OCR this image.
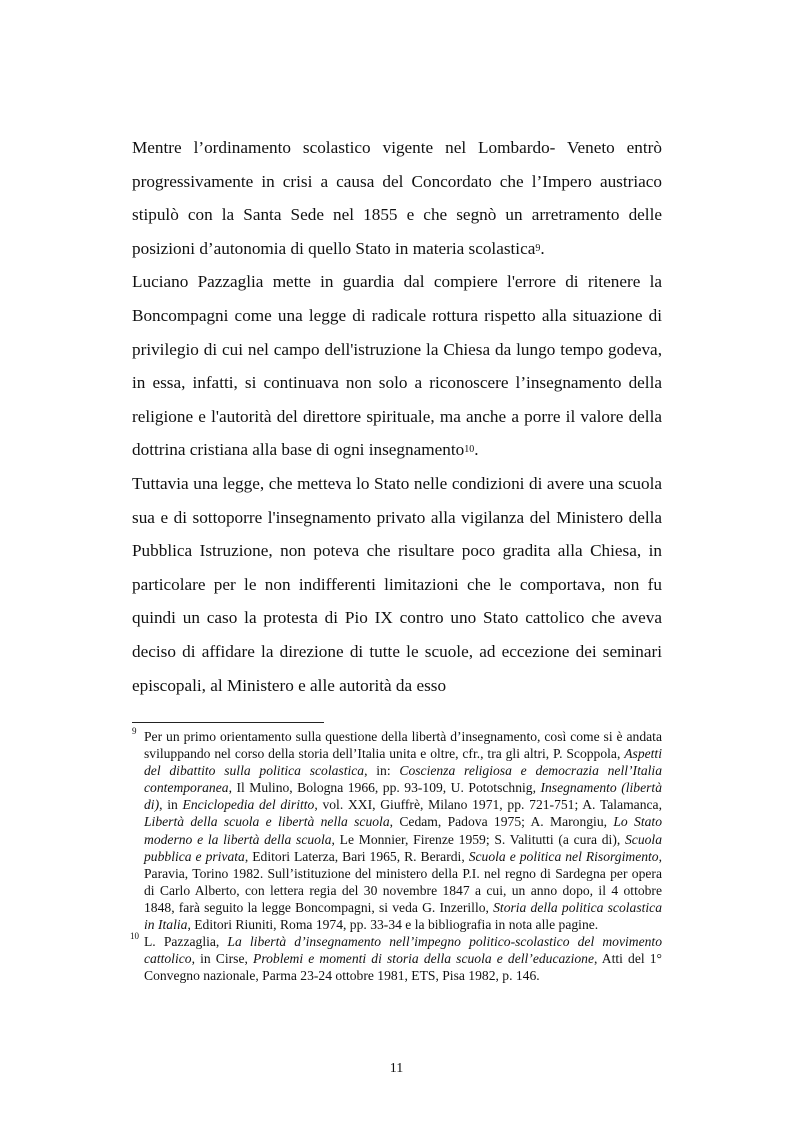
Mentre l’ordinamento scolastico vigente nel Lombardo- Veneto entrò progressivamente in crisi a causa del Concordato che l’Impero austriaco stipulò con la Santa Sede nel 1855 e che segnò un arretramento delle posizioni d’autonomia di quello Stato in materia scolastica$^9$.

Luciano Pazzaglia mette in guardia dal compiere l'errore di ritenere la Boncompagni come una legge di radicale rottura rispetto alla situazione di privilegio di cui nel campo dell'istruzione la Chiesa da lungo tempo godeva, in essa, infatti, si continuava non solo a riconoscere l’insegnamento della religione e l'autorità del direttore spirituale, ma anche a porre il valore della dottrina cristiana alla base di ogni insegnamento$^{10}$.

Tuttavia una legge, che metteva lo Stato nelle condizioni di avere una scuola sua e di sottoporre l'insegnamento privato alla vigilanza del Ministero della Pubblica Istruzione, non poteva che risultare poco gradita alla Chiesa, in particolare per le non indifferenti limitazioni che le comportava, non fu quindi un caso la protesta di Pio IX contro uno Stato cattolico che aveva deciso di affidare la direzione di tutte le scuole, ad eccezione dei seminari episcopali, al Ministero e alle autorità da esso

9 Per un primo orientamento sulla questione della libertà d’insegnamento, così come si è andata sviluppando nel corso della storia dell’Italia unita e oltre, cfr., tra gli altri, P. Scoppola, Aspetti del dibattito sulla politica scolastica, in: Coscienza religiosa e democrazia nell’Italia contemporanea, Il Mulino, Bologna 1966, pp. 93-109, U. Pototschnig, Insegnamento (libertà di), in Enciclopedia del diritto, vol. XXI, Giuffrè, Milano 1971, pp. 721-751; A. Talamanca, Libertà della scuola e libertà nella scuola, Cedam, Padova 1975; A. Marongiu, Lo Stato moderno e la libertà della scuola, Le Monnier, Firenze 1959; S. Valitutti (a cura di), Scuola pubblica e privata, Editori Laterza, Bari 1965, R. Berardi, Scuola e politica nel Risorgimento, Paravia, Torino 1982. Sull’istituzione del ministero della P.I. nel regno di Sardegna per opera di Carlo Alberto, con lettera regia del 30 novembre 1847 a cui, un anno dopo, il 4 ottobre 1848, farà seguito la legge Boncompagni, si veda G. Inzerillo, Storia della politica scolastica in Italia, Editori Riuniti, Roma 1974, pp. 33-34 e la bibliografia in nota alle pagine.
10 L. Pazzaglia, La libertà d’insegnamento nell’impegno politico-scolastico del movimento cattolico, in Cirse, Problemi e momenti di storia della scuola e dell’educazione, Atti del 1° Convegno nazionale, Parma 23-24 ottobre 1981, ETS, Pisa 1982, p. 146.
11
